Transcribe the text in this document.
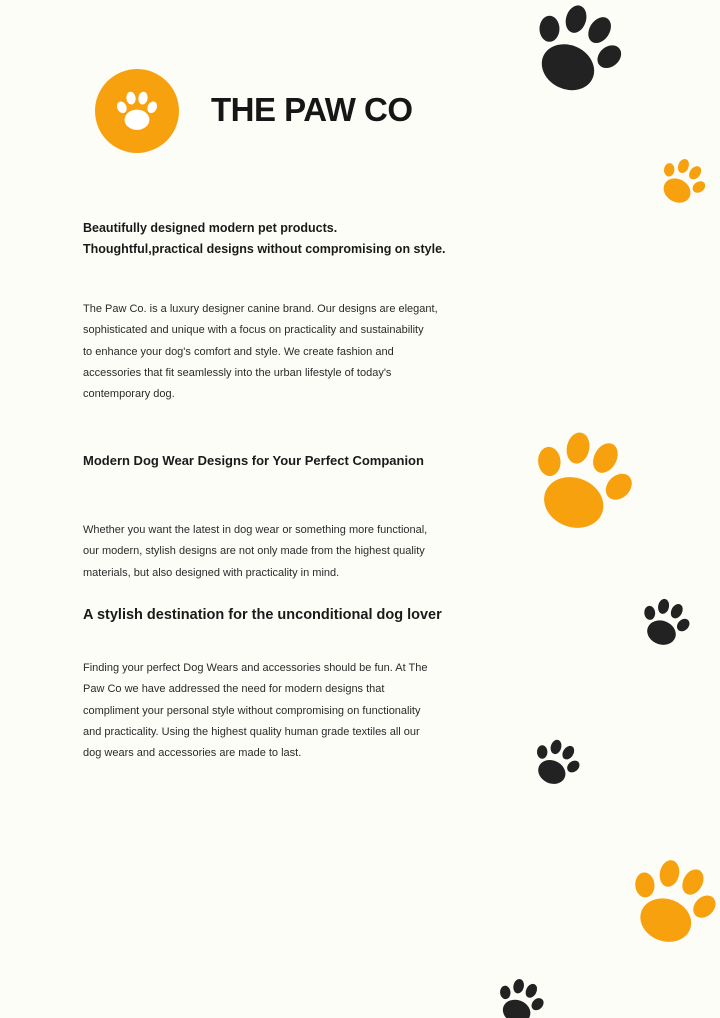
THE PAW CO

Beautifully designed modern pet products.
Thoughtful,practical designs without compromising on style.

The Paw Co. is a luxury designer canine brand. Our designs are elegant,
sophisticated and unique with a focus on practicality and sustainability
to enhance your dog's comfort and style. We create fashion and
accessories that fit seamlessly into the urban lifestyle of today's
contemporary dog.

Modern Dog Wear Designs for Your Perfect Companion

Whether you want the latest in dog wear or something more functional,
our modern, stylish designs are not only made from the highest quality
materials, but also designed with practicality in mind.

A stylish destination for the unconditional dog lover

Finding your perfect Dog Wears and accessories should be fun. At The
Paw Co we have addressed the need for modern designs that
compliment your personal style without compromising on functionality
and practicality. Using the highest quality human grade textiles all our
dog wears and accessories are made to last.
